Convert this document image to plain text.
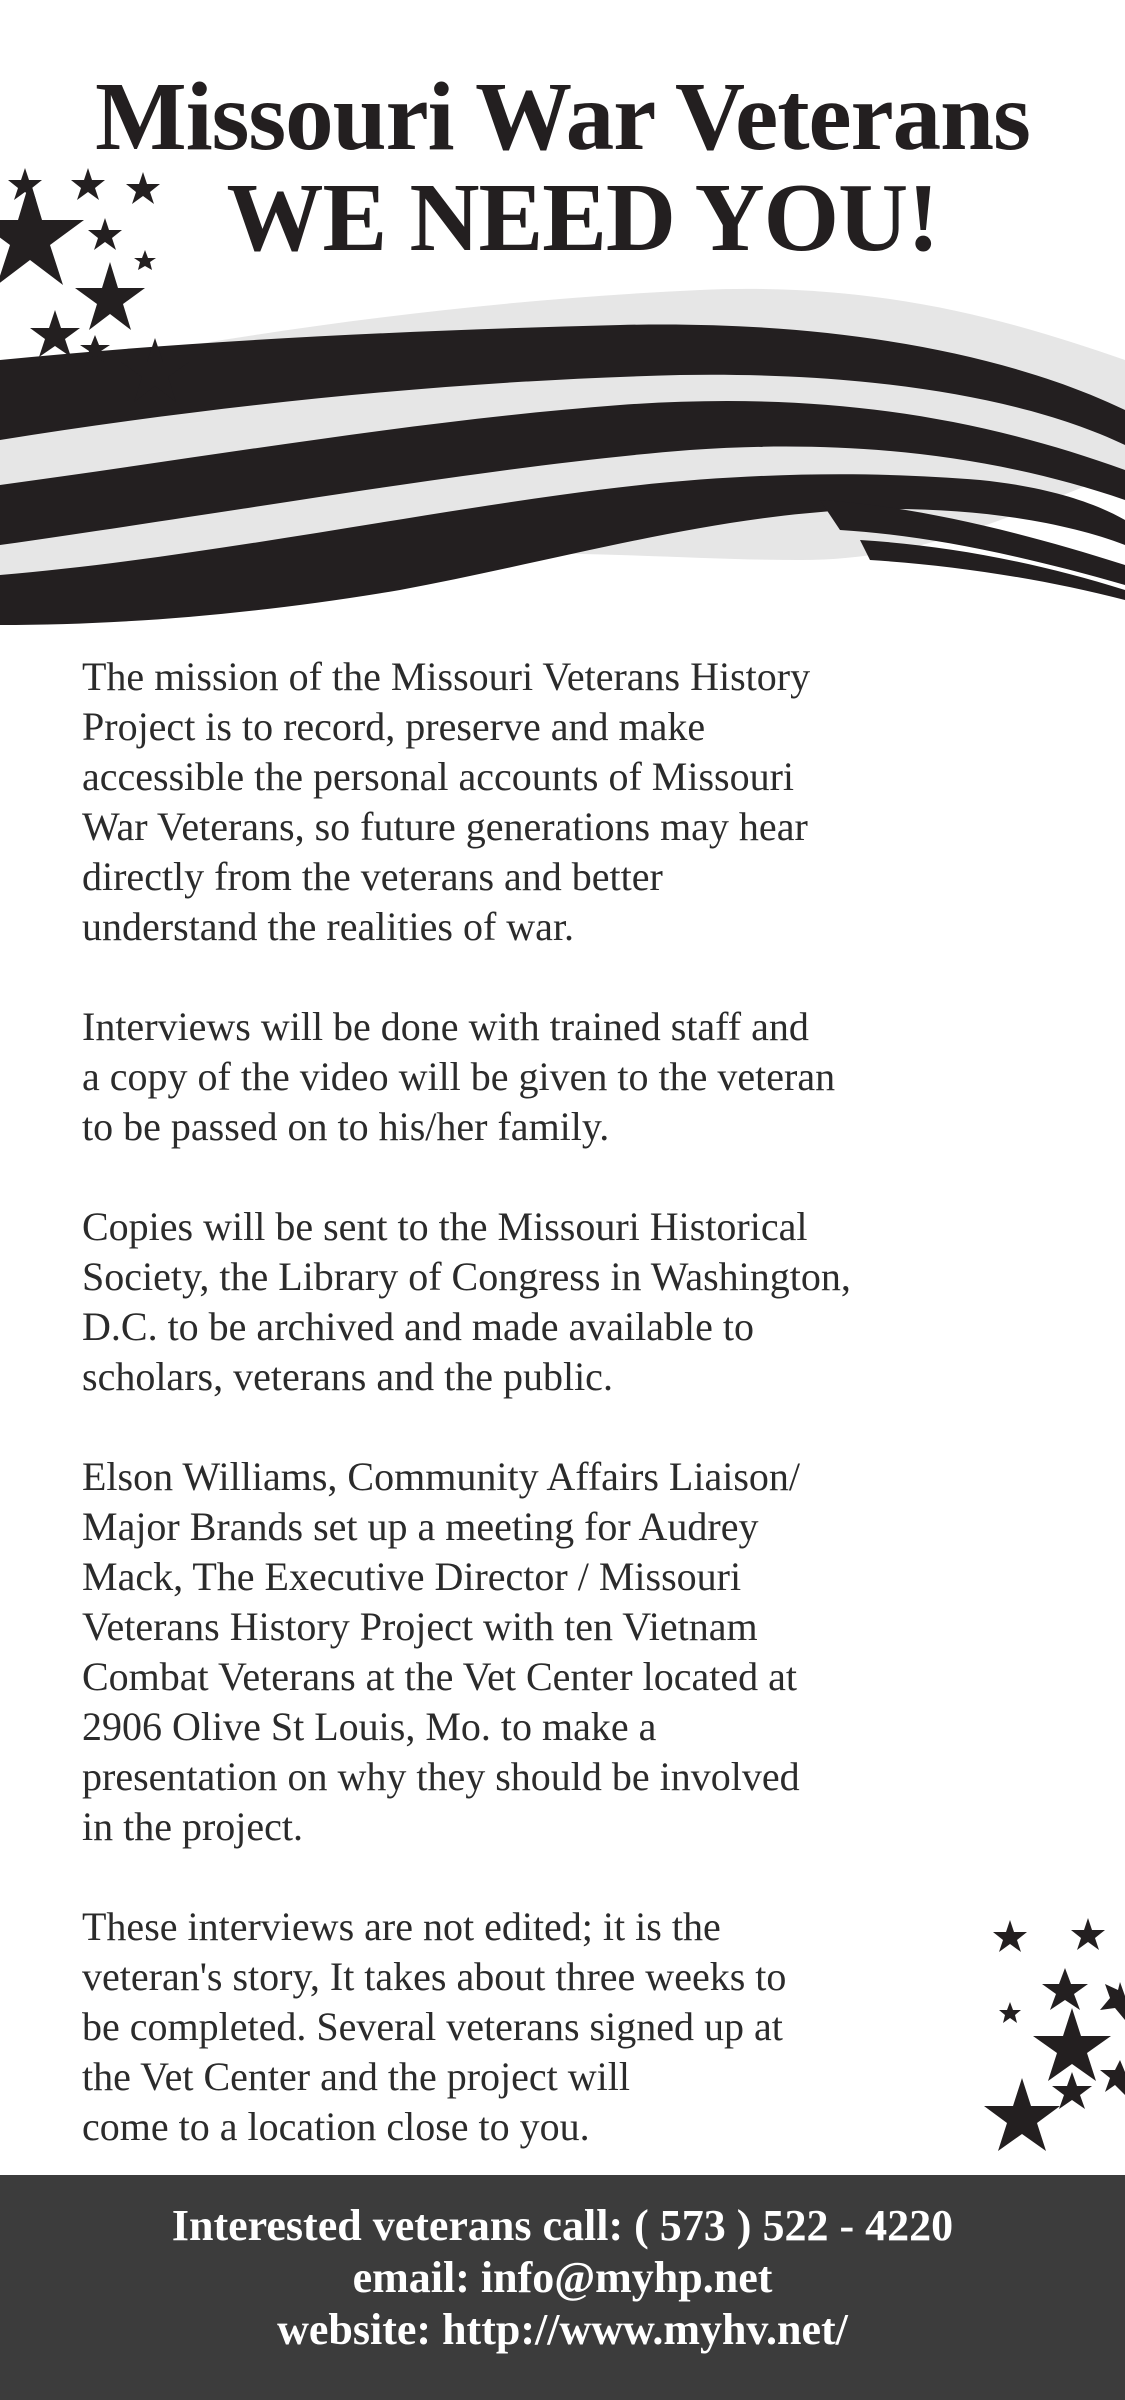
Missouri War Veterans
WE NEED YOU!

The mission of the Missouri Veterans History
Project is to record, preserve and make
accessible the personal accounts of Missouri
War Veterans, so future generations may hear
directly from the veterans and better
understand the realities of war.

Interviews will be done with trained staff and
a copy of the video will be given to the veteran
to be passed on to his/her family.

Copies will be sent to the Missouri Historical
Society, the Library of Congress in Washington,
D.C. to be archived and made available to
scholars, veterans and the public.

Elson Williams, Community Affairs Liaison/
Major Brands set up a meeting for Audrey
Mack, The Executive Director / Missouri
Veterans History Project with ten Vietnam
Combat Veterans at the Vet Center located at
2906 Olive St Louis, Mo. to make a
presentation on why they should be involved
in the project.

These interviews are not edited; it is the
veteran's story, It takes about three weeks to
be completed. Several veterans signed up at
the Vet Center and the project will
come to a location close to you.

Interested veterans call: ( 573 ) 522 - 4220
email: info@myhp.net
website: http://www.myhv.net/
